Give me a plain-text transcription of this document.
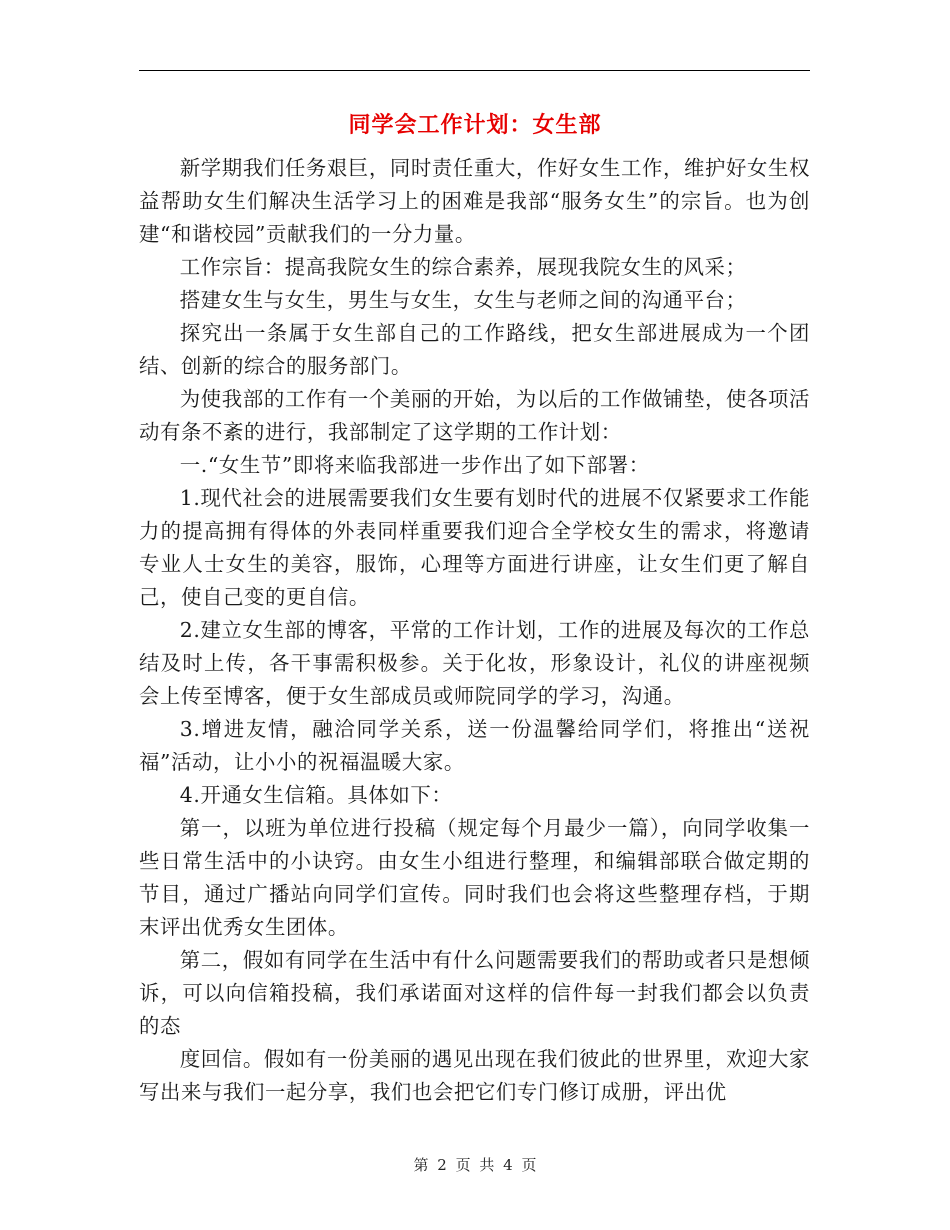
同学会工作计划：女生部

新学期我们任务艰巨，同时责任重大，作好女生工作，维护好女生权益帮助女生们解决生活学习上的困难是我部“服务女生”的宗旨。也为创建“和谐校园”贡献我们的一分力量。

工作宗旨：提高我院女生的综合素养，展现我院女生的风采；

搭建女生与女生，男生与女生，女生与老师之间的沟通平台；

探究出一条属于女生部自己的工作路线，把女生部进展成为一个团结、创新的综合的服务部门。

为使我部的工作有一个美丽的开始，为以后的工作做铺垫，使各项活动有条不紊的进行，我部制定了这学期的工作计划：

一.“女生节”即将来临我部进一步作出了如下部署：

1.现代社会的进展需要我们女生要有划时代的进展不仅紧要求工作能力的提高拥有得体的外表同样重要我们迎合全学校女生的需求，将邀请专业人士女生的美容，服饰，心理等方面进行讲座，让女生们更了解自己，使自己变的更自信。

2.建立女生部的博客，平常的工作计划，工作的进展及每次的工作总结及时上传，各干事需积极参。关于化妆，形象设计，礼仪的讲座视频会上传至博客，便于女生部成员或师院同学的学习，沟通。

3.增进友情，融洽同学关系，送一份温馨给同学们，将推出“送祝福”活动，让小小的祝福温暖大家。

4.开通女生信箱。具体如下：

第一，以班为单位进行投稿（规定每个月最少一篇），向同学收集一些日常生活中的小诀窍。由女生小组进行整理，和编辑部联合做定期的节目，通过广播站向同学们宣传。同时我们也会将这些整理存档，于期末评出优秀女生团体。

第二，假如有同学在生活中有什么问题需要我们的帮助或者只是想倾诉，可以向信箱投稿，我们承诺面对这样的信件每一封我们都会以负责的态

度回信。假如有一份美丽的遇见出现在我们彼此的世界里，欢迎大家写出来与我们一起分享，我们也会把它们专门修订成册，评出优

第 2 页 共 4 页
